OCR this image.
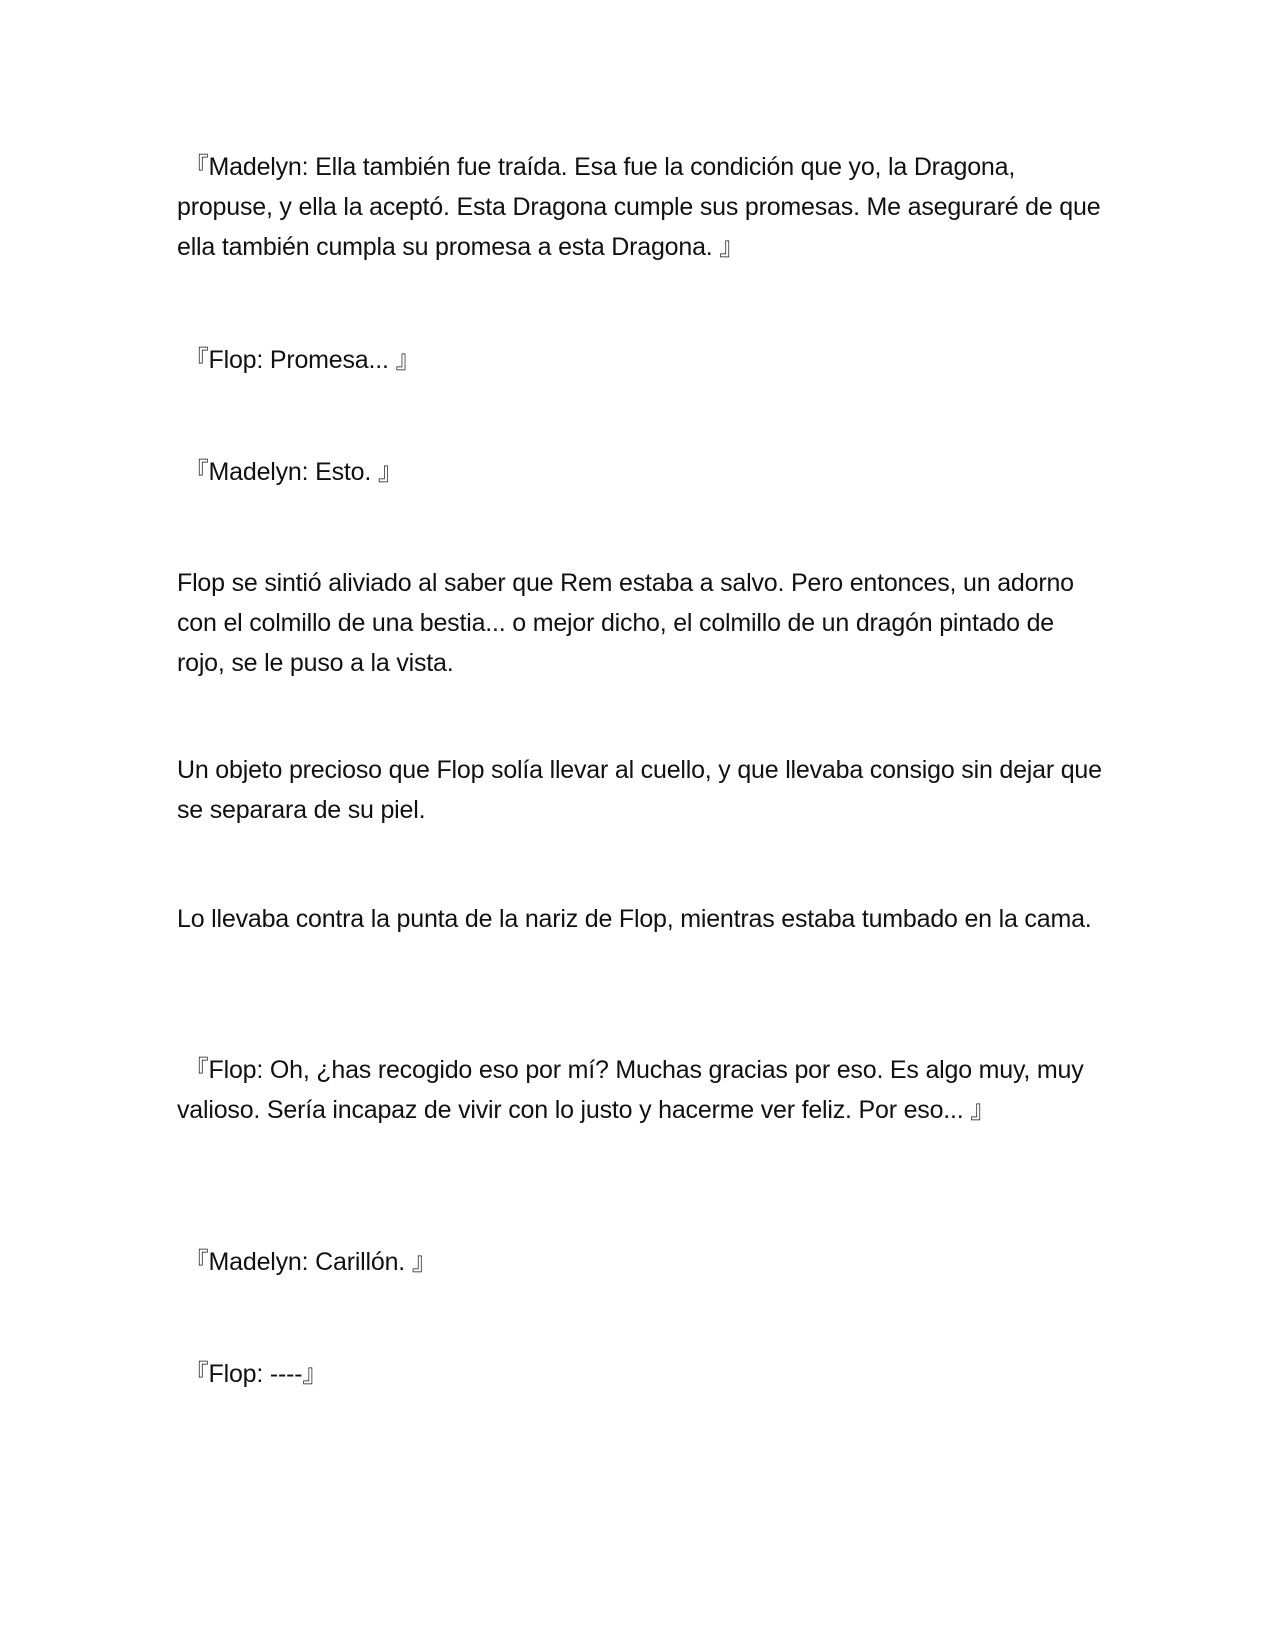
『Madelyn: Ella también fue traída. Esa fue la condición que yo, la Dragona, propuse, y ella la aceptó. Esta Dragona cumple sus promesas. Me aseguraré de que ella también cumpla su promesa a esta Dragona. 』

『Flop: Promesa... 』

『Madelyn: Esto. 』

Flop se sintió aliviado al saber que Rem estaba a salvo. Pero entonces, un adorno con el colmillo de una bestia... o mejor dicho, el colmillo de un dragón pintado de rojo, se le puso a la vista.

Un objeto precioso que Flop solía llevar al cuello, y que llevaba consigo sin dejar que se separara de su piel.

Lo llevaba contra la punta de la nariz de Flop, mientras estaba tumbado en la cama.

『Flop: Oh, ¿has recogido eso por mí? Muchas gracias por eso. Es algo muy, muy valioso. Sería incapaz de vivir con lo justo y hacerme ver feliz. Por eso... 』

『Madelyn: Carillón. 』

『Flop: ----』
